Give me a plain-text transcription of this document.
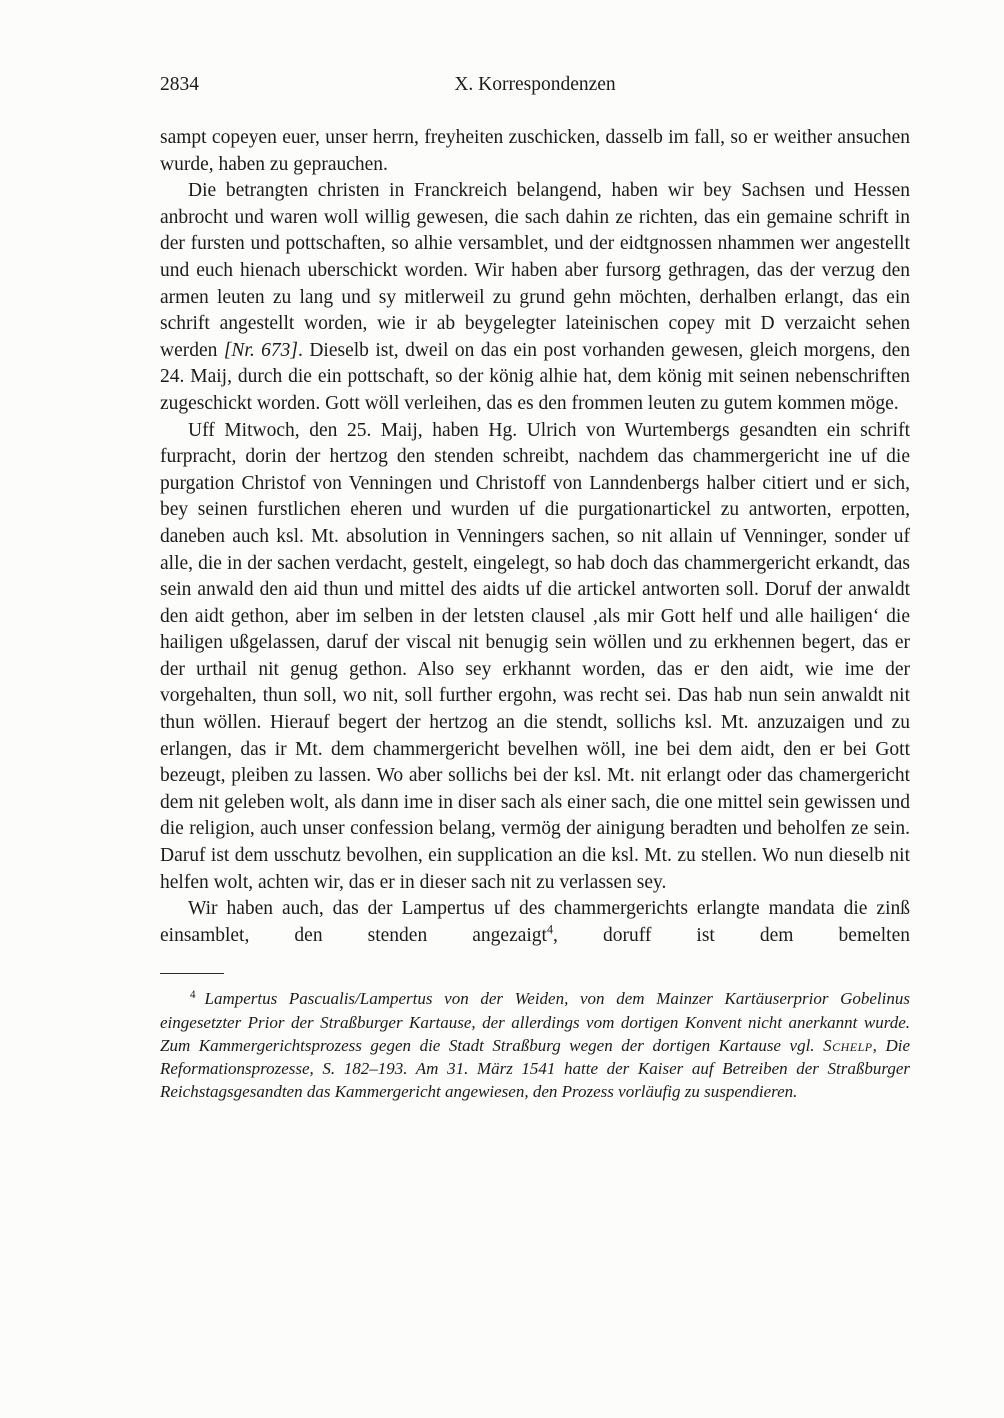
2834	X. Korrespondenzen

sampt copeyen euer, unser herrn, freyheiten zuschicken, dasselb im fall, so er weither ansuchen wurde, haben zu geprauchen.

Die betrangten christen in Franckreich belangend, haben wir bey Sachsen und Hessen anbrocht und waren woll willig gewesen, die sach dahin ze richten, das ein gemaine schrift in der fursten und pottschaften, so alhie versamblet, und der eidtgnossen nhammen wer angestellt und euch hienach uberschickt worden. Wir haben aber fursorg gethragen, das der verzug den armen leuten zu lang und sy mitlerweil zu grund gehn möchten, derhalben erlangt, das ein schrift angestellt worden, wie ir ab beygelegter lateinischen copey mit D verzaicht sehen werden [Nr. 673]. Dieselb ist, dweil on das ein post vorhanden gewesen, gleich morgens, den 24. Maij, durch die ein pottschaft, so der könig alhie hat, dem könig mit seinen nebenschriften zugeschickt worden. Gott wöll verleihen, das es den frommen leuten zu gutem kommen möge.

Uff Mitwoch, den 25. Maij, haben Hg. Ulrich von Wurtembergs gesandten ein schrift furpracht, dorin der hertzog den stenden schreibt, nachdem das chammergericht ine uf die purgation Christof von Venningen und Christoff von Lanndenbergs halber citiert und er sich, bey seinen furstlichen eheren und wurden uf die purgationartickel zu antworten, erpotten, daneben auch ksl. Mt. absolution in Venningers sachen, so nit allain uf Venninger, sonder uf alle, die in der sachen verdacht, gestelt, eingelegt, so hab doch das chammergericht erkandt, das sein anwald den aid thun und mittel des aidts uf die artickel antworten soll. Doruf der anwaldt den aidt gethon, aber im selben in der letsten clausel ‚als mir Gott helf und alle hailigen‘ die hailigen ußgelassen, daruf der viscal nit benugig sein wöllen und zu erkhennen begert, das er der urthail nit genug gethon. Also sey erkhannt worden, das er den aidt, wie ime der vorgehalten, thun soll, wo nit, soll further ergohn, was recht sei. Das hab nun sein anwaldt nit thun wöllen. Hierauf begert der hertzog an die stendt, sollichs ksl. Mt. anzuzaigen und zu erlangen, das ir Mt. dem chammergericht bevelhen wöll, ine bei dem aidt, den er bei Gott bezeugt, pleiben zu lassen. Wo aber sollichs bei der ksl. Mt. nit erlangt oder das chamergericht dem nit geleben wolt, als dann ime in diser sach als einer sach, die one mittel sein gewissen und die religion, auch unser confession belang, vermög der ainigung beradten und beholfen ze sein. Daruf ist dem usschutz bevolhen, ein supplication an die ksl. Mt. zu stellen. Wo nun dieselb nit helfen wolt, achten wir, das er in dieser sach nit zu verlassen sey.

Wir haben auch, das der Lampertus uf des chammergerichts erlangte mandata die zinß einsamblet, den stenden angezaigt$^4$, doruff ist dem bemelten

$^4$ Lampertus Pascualis/Lampertus von der Weiden, von dem Mainzer Kartäuserprior Gobelinus eingesetzter Prior der Straßburger Kartause, der allerdings vom dortigen Konvent nicht anerkannt wurde. Zum Kammergerichtsprozess gegen die Stadt Straßburg wegen der dortigen Kartause vgl. Schelp, Die Reformationsprozesse, S. 182–193. Am 31. März 1541 hatte der Kaiser auf Betreiben der Straßburger Reichstagsgesandten das Kammergericht angewiesen, den Prozess vorläufig zu suspendieren.
